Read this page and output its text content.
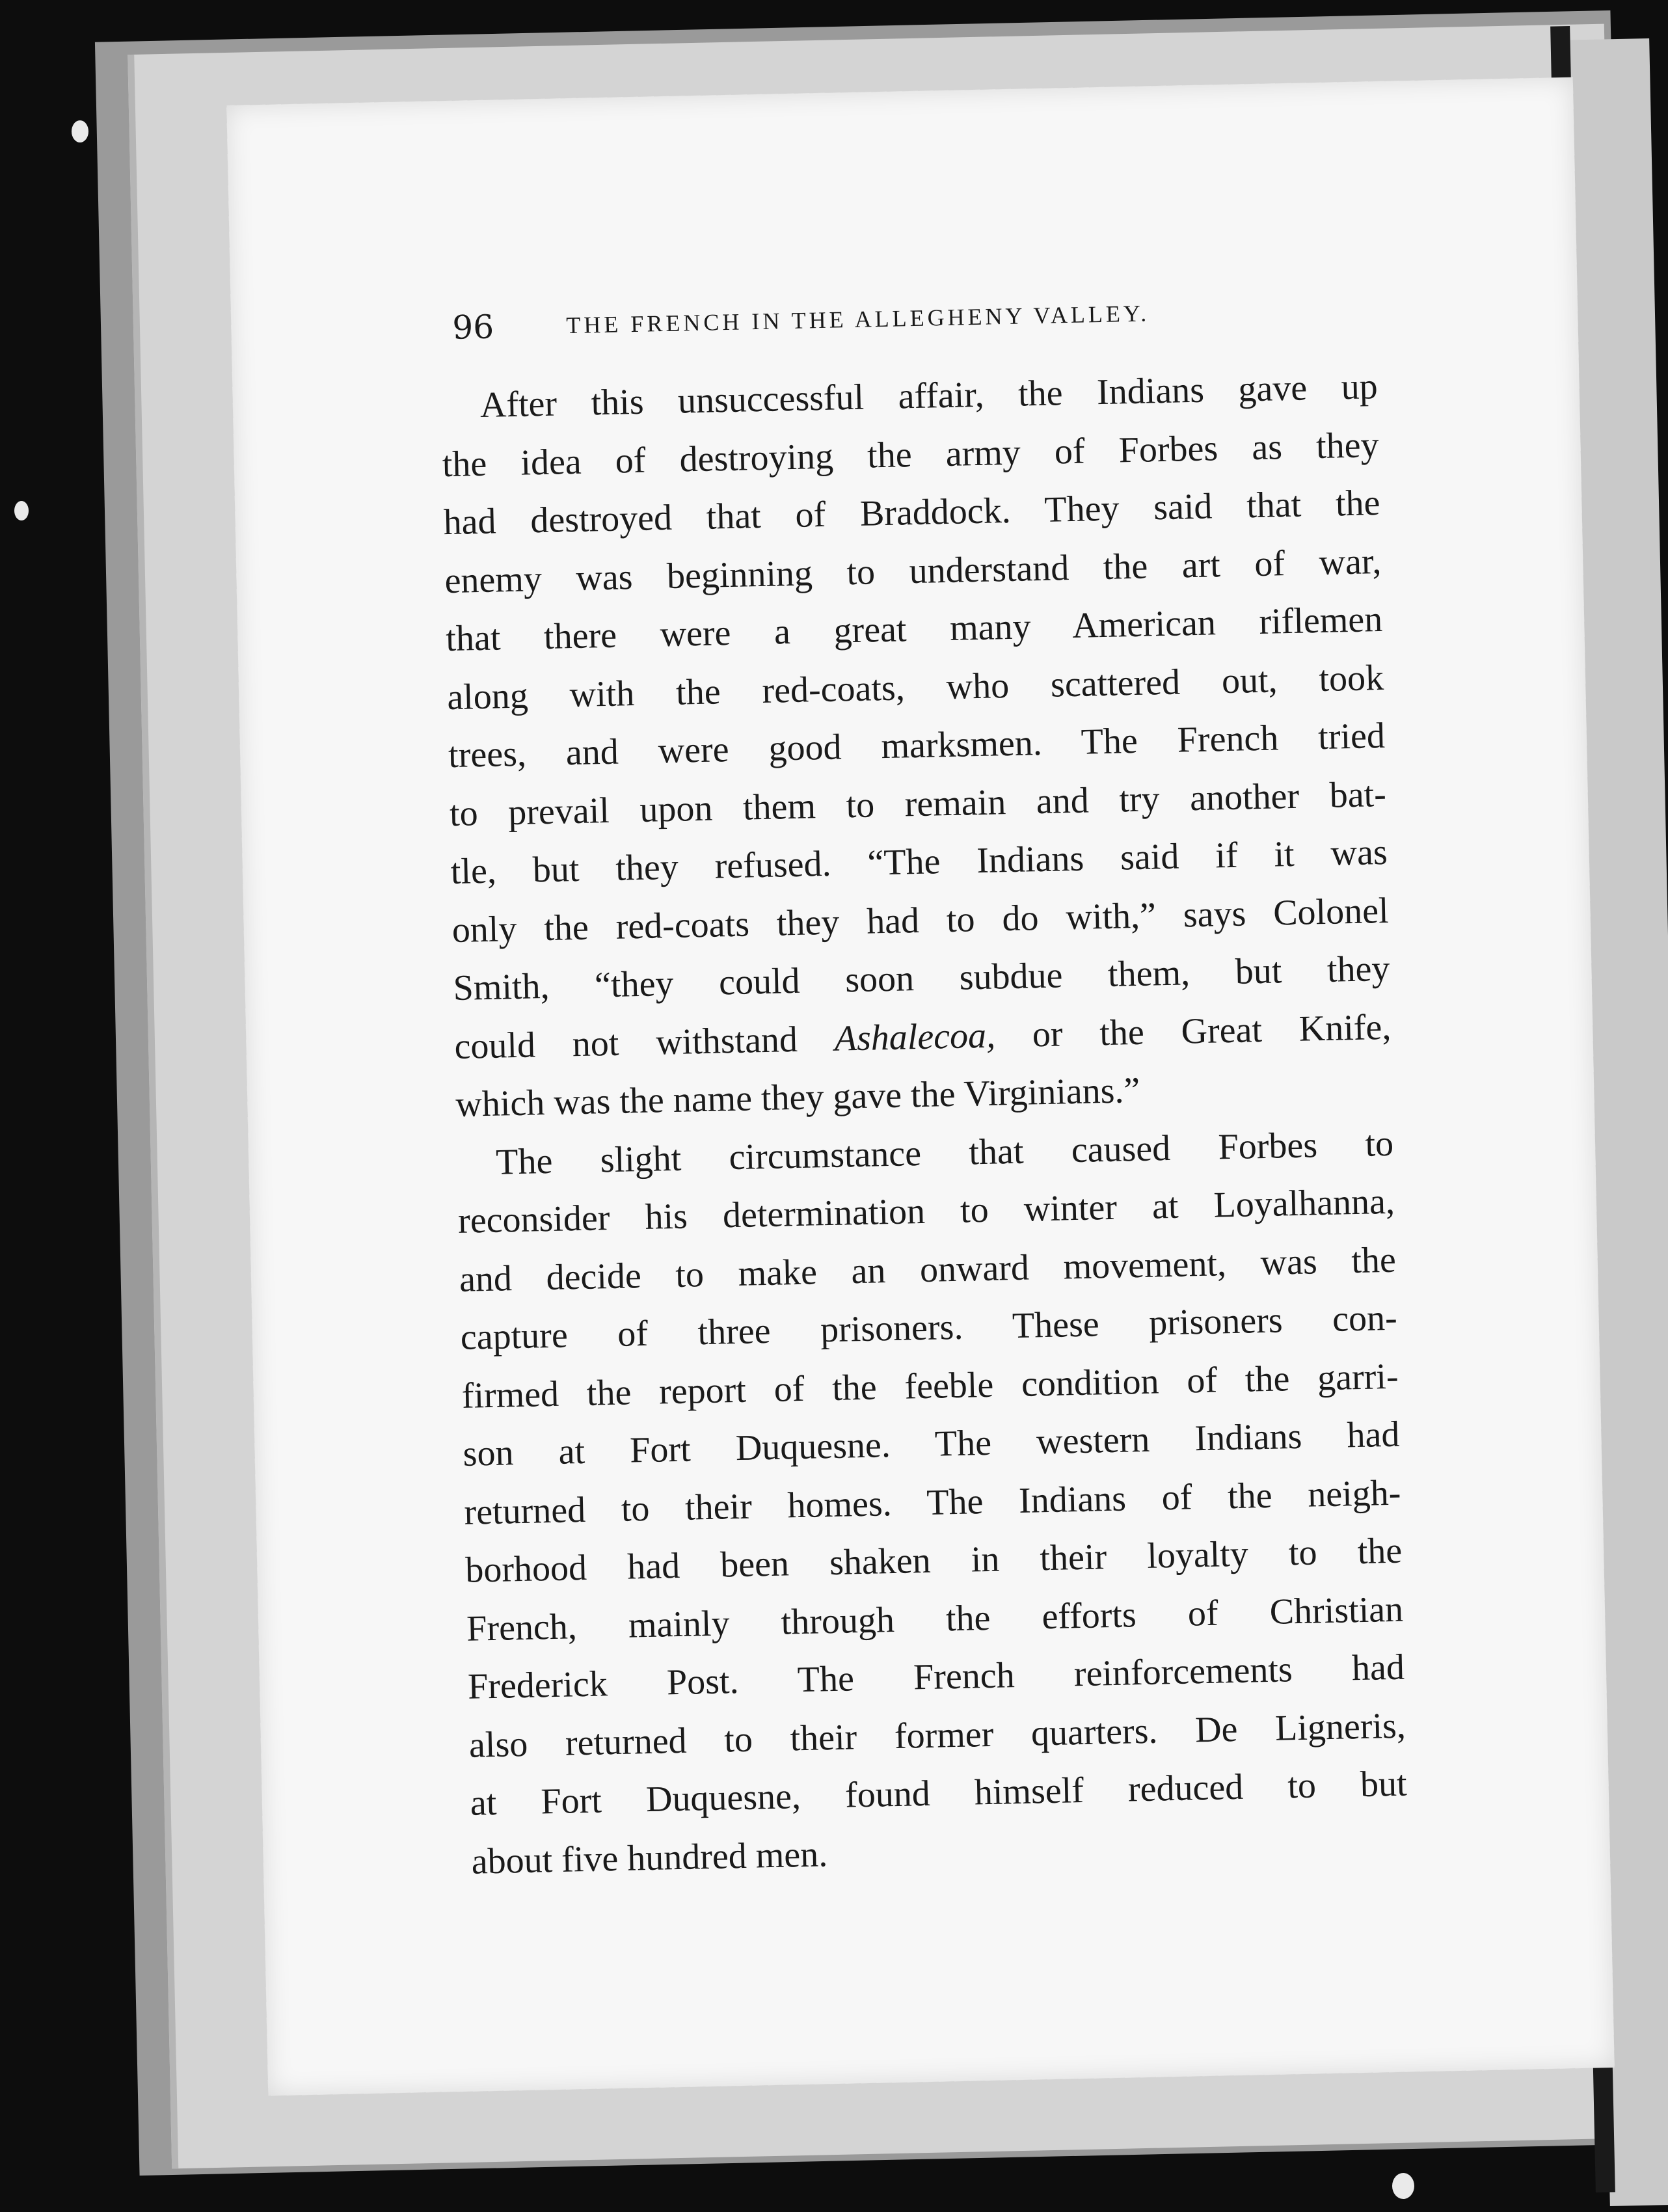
96	THE FRENCH IN THE ALLEGHENY VALLEY.
After this unsuccessful affair, the Indians gave up
the idea of destroying the army of Forbes as they
had destroyed that of Braddock. They said that the
enemy was beginning to understand the art of war,
that there were a great many American riflemen
along with the red-coats, who scattered out, took
trees, and were good marksmen. The French tried
to prevail upon them to remain and try another bat-
tle, but they refused. “The Indians said if it was
only the red-coats they had to do with,” says Colonel
Smith, “they could soon subdue them, but they
could not withstand Ashalecoa, or the Great Knife,
which was the name they gave the Virginians.”
The slight circumstance that caused Forbes to
reconsider his determination to winter at Loyalhanna,
and decide to make an onward movement, was the
capture of three prisoners. These prisoners con-
firmed the report of the feeble condition of the garri-
son at Fort Duquesne. The western Indians had
returned to their homes. The Indians of the neigh-
borhood had been shaken in their loyalty to the
French, mainly through the efforts of Christian
Frederick Post. The French reinforcements had
also returned to their former quarters. De Ligneris,
at Fort Duquesne, found himself reduced to but
about five hundred men.
